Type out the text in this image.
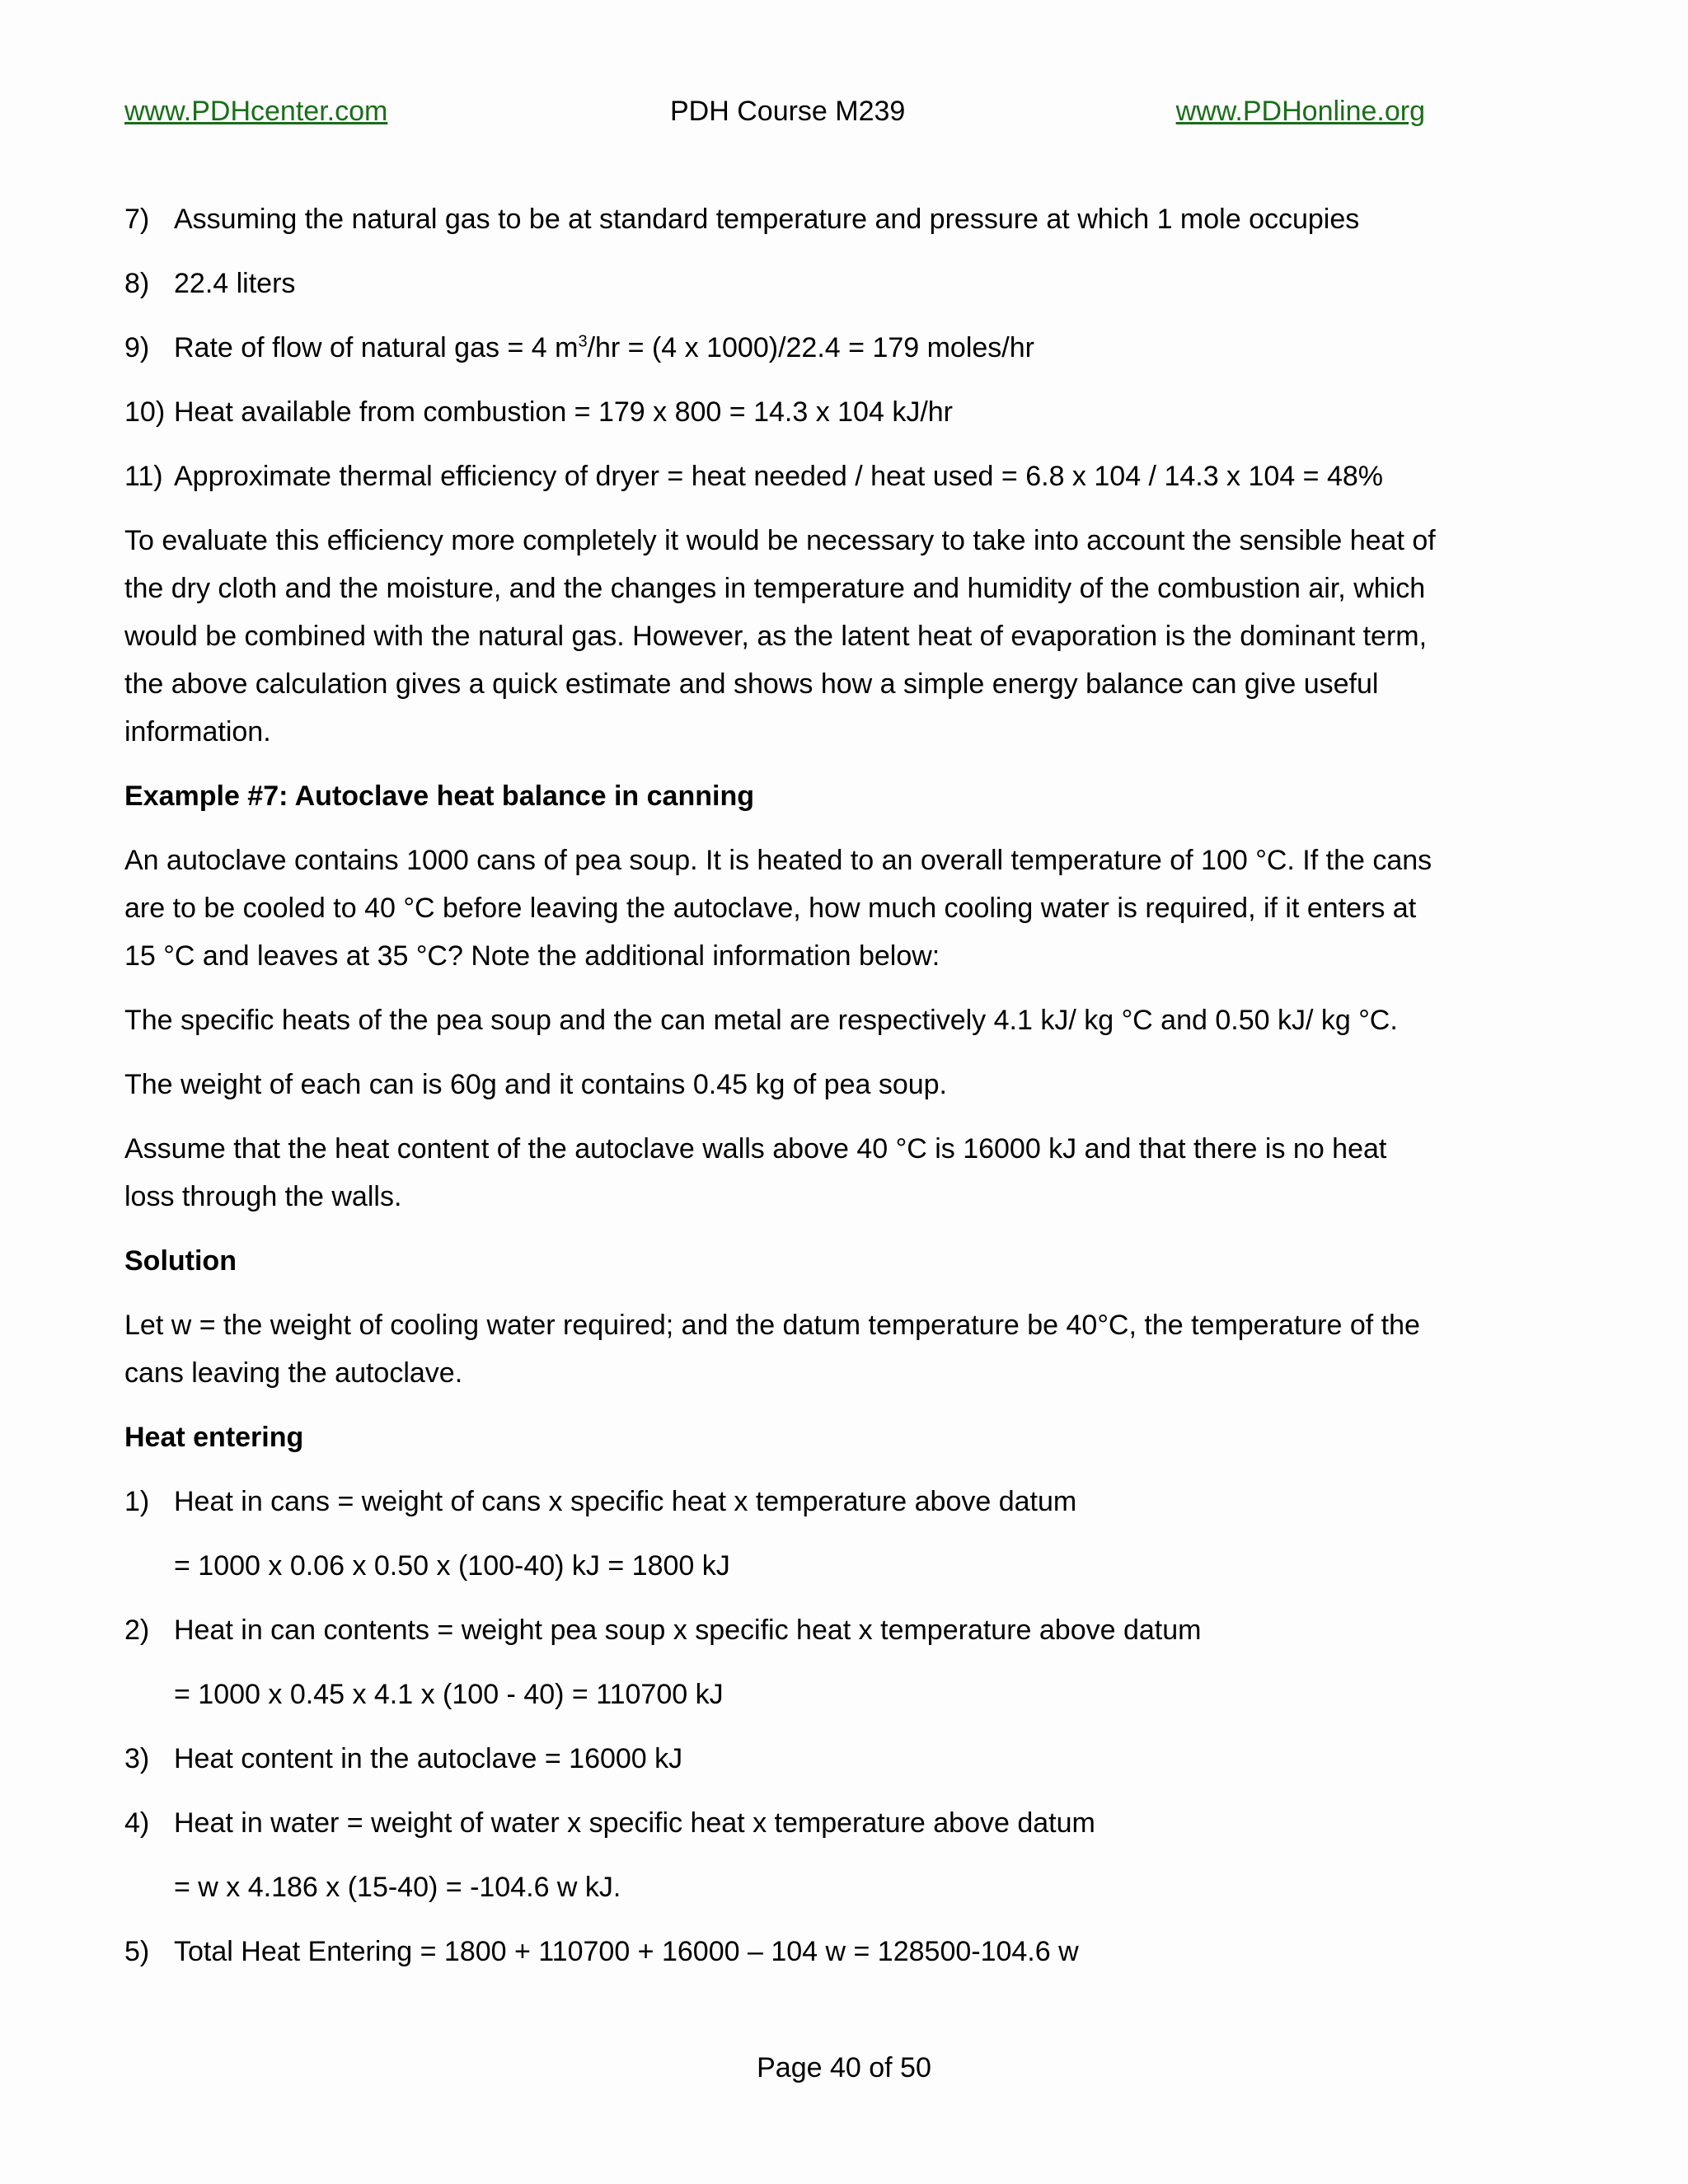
www.PDHcenter.com	PDH Course M239	www.PDHonline.org
7) Assuming the natural gas to be at standard temperature and pressure at which 1 mole occupies
8) 22.4 liters
9) Rate of flow of natural gas = 4 $m^3/hr = (4$ x 1000)/22.4 = 179 moles/hr
10) Heat available from combustion = 179 x 800 = 14.3 x 104 kJ/hr
11) Approximate thermal efficiency of dryer = heat needed / heat used = 6.8 x 104 / 14.3 x 104 = 48%

To evaluate this efficiency more completely it would be necessary to take into account the sensible heat of the dry cloth and the moisture, and the changes in temperature and humidity of the combustion air, which would be combined with the natural gas. However, as the latent heat of evaporation is the dominant term, the above calculation gives a quick estimate and shows how a simple energy balance can give useful information.

Example #7: Autoclave heat balance in canning

An autoclave contains 1000 cans of pea soup. It is heated to an overall temperature of 100 °C. If the cans are to be cooled to 40 °C before leaving the autoclave, how much cooling water is required, if it enters at 15 °C and leaves at 35 °C? Note the additional information below:

The specific heats of the pea soup and the can metal are respectively 4.1 kJ/ kg °C and 0.50 kJ/ kg °C.

The weight of each can is 60g and it contains 0.45 kg of pea soup.

Assume that the heat content of the autoclave walls above 40 °C is 16000 kJ and that there is no heat loss through the walls.

Solution

Let w = the weight of cooling water required; and the datum temperature be 40°C, the temperature of the cans leaving the autoclave.

Heat entering

1) Heat in cans = weight of cans x specific heat x temperature above datum
= 1000 x 0.06 x 0.50 x (100-40) kJ = 1800 kJ
2) Heat in can contents = weight pea soup x specific heat x temperature above datum
= 1000 x 0.45 x 4.1 x (100 - 40) = 110700 kJ
3) Heat content in the autoclave = 16000 kJ
4) Heat in water = weight of water x specific heat x temperature above datum
= w x 4.186 x (15-40) = -104.6 w kJ.
5) Total Heat Entering = 1800 + 110700 + 16000 – 104 w = 128500-104.6 w
Page 40 of 50
